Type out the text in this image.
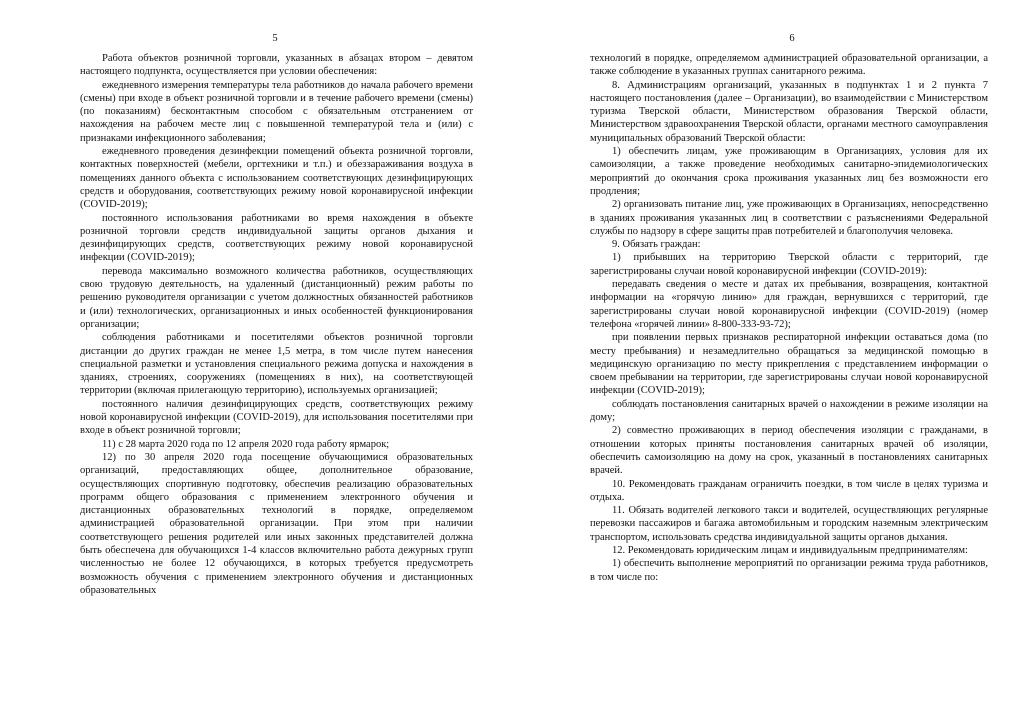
5

Работа объектов розничной торговли, указанных в абзацах втором – девятом настоящего подпункта, осуществляется при условии обеспечения:

ежедневного измерения температуры тела работников до начала рабочего времени (смены) при входе в объект розничной торговли и в течение рабочего времени (смены) (по показаниям) бесконтактным способом с обязательным отстранением от нахождения на рабочем месте лиц с повышенной температурой тела и (или) с признаками инфекционного заболевания;

ежедневного проведения дезинфекции помещений объекта розничной торговли, контактных поверхностей (мебели, оргтехники и т.п.) и обеззараживания воздуха в помещениях данного объекта с использованием соответствующих дезинфицирующих средств и оборудования, соответствующих режиму новой коронавирусной инфекции (COVID-2019);

постоянного использования работниками во время нахождения в объекте розничной торговли средств индивидуальной защиты органов дыхания и дезинфицирующих средств, соответствующих режиму новой коронавирусной инфекции (COVID-2019);

перевода максимально возможного количества работников, осуществляющих свою трудовую деятельность, на удаленный (дистанционный) режим работы по решению руководителя организации с учетом должностных обязанностей работников и (или) технологических, организационных и иных особенностей функционирования организации;

соблюдения работниками и посетителями объектов розничной торговли дистанции до других граждан не менее 1,5 метра, в том числе путем нанесения специальной разметки и установления специального режима допуска и нахождения в зданиях, строениях, сооружениях (помещениях в них), на соответствующей территории (включая прилегающую территорию), используемых организацией;

постоянного наличия дезинфицирующих средств, соответствующих режиму новой коронавирусной инфекции (COVID-2019), для использования посетителями при входе в объект розничной торговли;

11) с 28 марта 2020 года по 12 апреля 2020 года работу ярмарок;

12) по 30 апреля 2020 года посещение обучающимися образовательных организаций, предоставляющих общее, дополнительное образование, осуществляющих спортивную подготовку, обеспечив реализацию образовательных программ общего образования с применением электронного обучения и дистанционных образовательных технологий в порядке, определяемом администрацией образовательной организации. При этом при наличии соответствующего решения родителей или иных законных представителей должна быть обеспечена для обучающихся 1-4 классов включительно работа дежурных групп численностью не более 12 обучающихся, в которых требуется предусмотреть возможность обучения с применением электронного обучения и дистанционных образовательных

6

технологий в порядке, определяемом администрацией образовательной организации, а также соблюдение в указанных группах санитарного режима.

8. Администрациям организаций, указанных в подпунктах 1 и 2 пункта 7 настоящего постановления (далее – Организации), во взаимодействии с Министерством туризма Тверской области, Министерством образования Тверской области, Министерством здравоохранения Тверской области, органами местного самоуправления муниципальных образований Тверской области:

1) обеспечить лицам, уже проживающим в Организациях, условия для их самоизоляции, а также проведение необходимых санитарно-эпидемиологических мероприятий до окончания срока проживания указанных лиц без возможности его продления;

2) организовать питание лиц, уже проживающих в Организациях, непосредственно в зданиях проживания указанных лиц в соответствии с разъяснениями Федеральной службы по надзору в сфере защиты прав потребителей и благополучия человека.

9. Обязать граждан:

1) прибывших на территорию Тверской области с территорий, где зарегистрированы случаи новой коронавирусной инфекции (COVID-2019):

передавать сведения о месте и датах их пребывания, возвращения, контактной информации на «горячую линию» для граждан, вернувшихся с территорий, где зарегистрированы случаи новой коронавирусной инфекции (COVID-2019) (номер телефона «горячей линии» 8-800-333-93-72);

при появлении первых признаков респираторной инфекции оставаться дома (по месту пребывания) и незамедлительно обращаться за медицинской помощью в медицинскую организацию по месту прикрепления с представлением информации о своем пребывании на территории, где зарегистрированы случаи новой коронавирусной инфекции (COVID-2019);

соблюдать постановления санитарных врачей о нахождении в режиме изоляции на дому;

2) совместно проживающих в период обеспечения изоляции с гражданами, в отношении которых приняты постановления санитарных врачей об изоляции, обеспечить самоизоляцию на дому на срок, указанный в постановлениях санитарных врачей.

10. Рекомендовать гражданам ограничить поездки, в том числе в целях туризма и отдыха.

11. Обязать водителей легкового такси и водителей, осуществляющих регулярные перевозки пассажиров и багажа автомобильным и городским наземным электрическим транспортом, использовать средства индивидуальной защиты органов дыхания.

12. Рекомендовать юридическим лицам и индивидуальным предпринимателям:

1) обеспечить выполнение мероприятий по организации режима труда работников, в том числе по:
